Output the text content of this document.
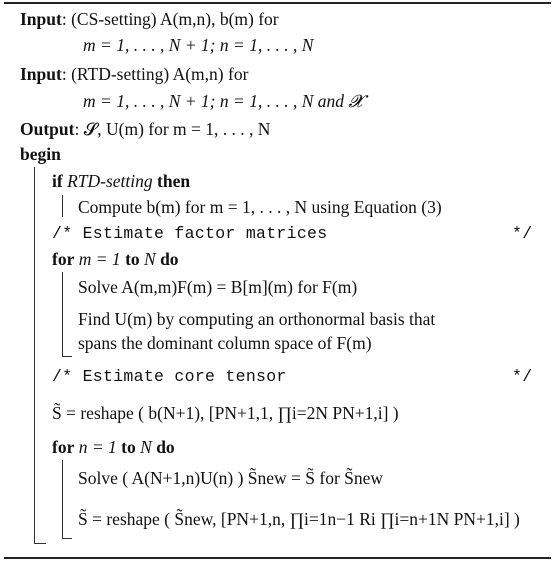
Input: (CS-setting) A(m,n), b(m) for
m = 1, . . . , N + 1; n = 1, . . . , N
Input: (RTD-setting) A(m,n) for
m = 1, . . . , N + 1; n = 1, . . . , N and 𝓧
Output: 𝓢, U(m) for m = 1, . . . , N
begin
if RTD-setting then
Compute b(m) for m = 1, . . . , N using Equation (3)
/* Estimate factor matrices	*/
for m = 1 to N do
Solve A(m,m)F(m) = B[m](m) for F(m)
Find U(m) by computing an orthonormal basis that
spans the dominant column space of F(m)
/* Estimate core tensor	*/
S̃ = reshape ( b(N+1), [PN+1,1, ∏i=2N PN+1,i] )
for n = 1 to N do
Solve ( A(N+1,n)U(n) ) S̃new = S̃ for S̃new
S̃ = reshape ( S̃new, [PN+1,n, ∏i=1n−1 Ri ∏i=n+1N PN+1,i] )
